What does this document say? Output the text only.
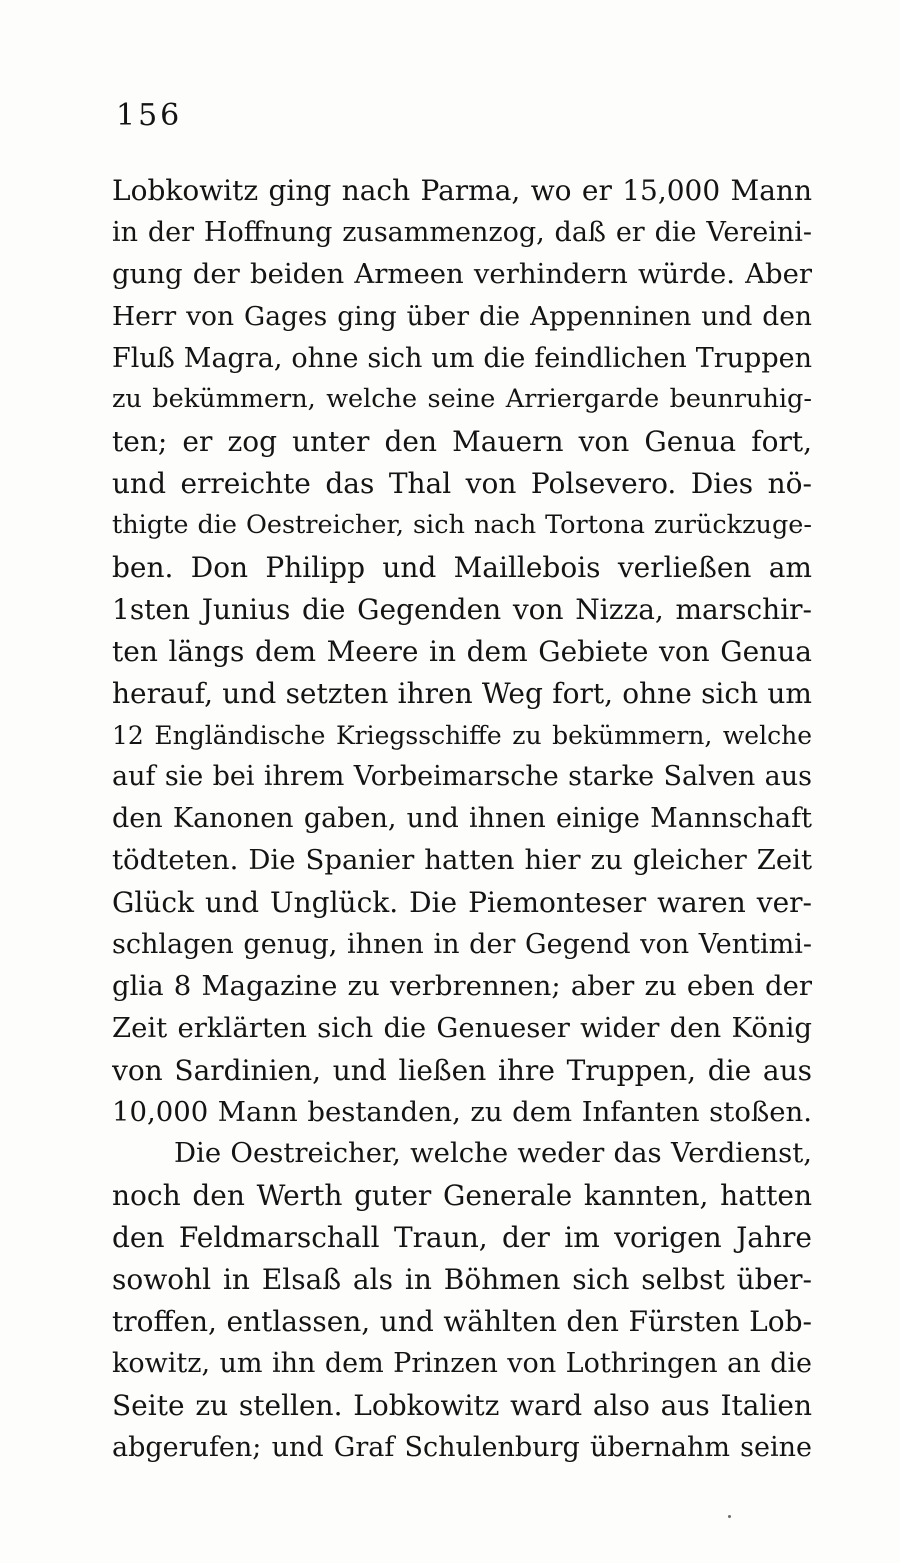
156
Lobkowitz ging nach Parma, wo er 15,000 Mann
in der Hoffnung zusammenzog, daß er die Vereini-
gung der beiden Armeen verhindern würde. Aber
Herr von Gages ging über die Appenninen und den
Fluß Magra, ohne sich um die feindlichen Truppen
zu bekümmern, welche seine Arriergarde beunruhig-
ten; er zog unter den Mauern von Genua fort,
und erreichte das Thal von Polsevero. Dies nö-
thigte die Oestreicher, sich nach Tortona zurückzuge-
ben. Don Philipp und Maillebois verließen am
1sten Junius die Gegenden von Nizza, marschir-
ten längs dem Meere in dem Gebiete von Genua
herauf, und setzten ihren Weg fort, ohne sich um
12 Engländische Kriegsschiffe zu bekümmern, welche
auf sie bei ihrem Vorbeimarsche starke Salven aus
den Kanonen gaben, und ihnen einige Mannschaft
tödteten. Die Spanier hatten hier zu gleicher Zeit
Glück und Unglück. Die Piemonteser waren ver-
schlagen genug, ihnen in der Gegend von Ventimi-
glia 8 Magazine zu verbrennen; aber zu eben der
Zeit erklärten sich die Genueser wider den König
von Sardinien, und ließen ihre Truppen, die aus
10,000 Mann bestanden, zu dem Infanten stoßen.
Die Oestreicher, welche weder das Verdienst,
noch den Werth guter Generale kannten, hatten
den Feldmarschall Traun, der im vorigen Jahre
sowohl in Elsaß als in Böhmen sich selbst über-
troffen, entlassen, und wählten den Fürsten Lob-
kowitz, um ihn dem Prinzen von Lothringen an die
Seite zu stellen. Lobkowitz ward also aus Italien
abgerufen; und Graf Schulenburg übernahm seine
